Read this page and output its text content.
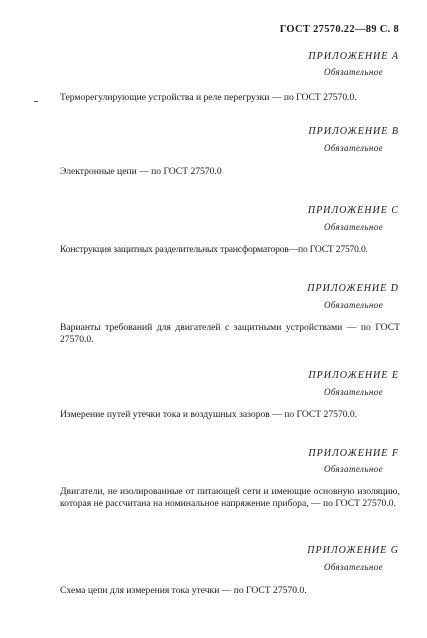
ГОСТ 27570.22—89 С. 8
ПРИЛОЖЕНИЕ А
Обязательное
Терморегулирующие устройства и реле перегрузки — по ГОСТ 27570.0.
ПРИЛОЖЕНИЕ В
Обязательное
Электронные цепи — по ГОСТ 27570.0
ПРИЛОЖЕНИЕ С
Обязательное
Конструкция защитных разделительных трансформаторов—по ГОСТ 27570.0.
ПРИЛОЖЕНИЕ D
Обязательное
Варианты требований для двигателей с защитными устройствами — по ГОСТ 27570.0.
ПРИЛОЖЕНИЕ Е
Обязательное
Измерение путей утечки тока и воздушных зазоров — по ГОСТ 27570.0.
ПРИЛОЖЕНИЕ F
Обязательное
Двигатели, не изолированные от питающей сети и имеющие основную изоляцию, которая не рассчитана на номинальное напряжение прибора, — по ГОСТ 27570.0.
ПРИЛОЖЕНИЕ G
Обязательное
Схема цепи для измерения тока утечки — по ГОСТ 27570.0.
